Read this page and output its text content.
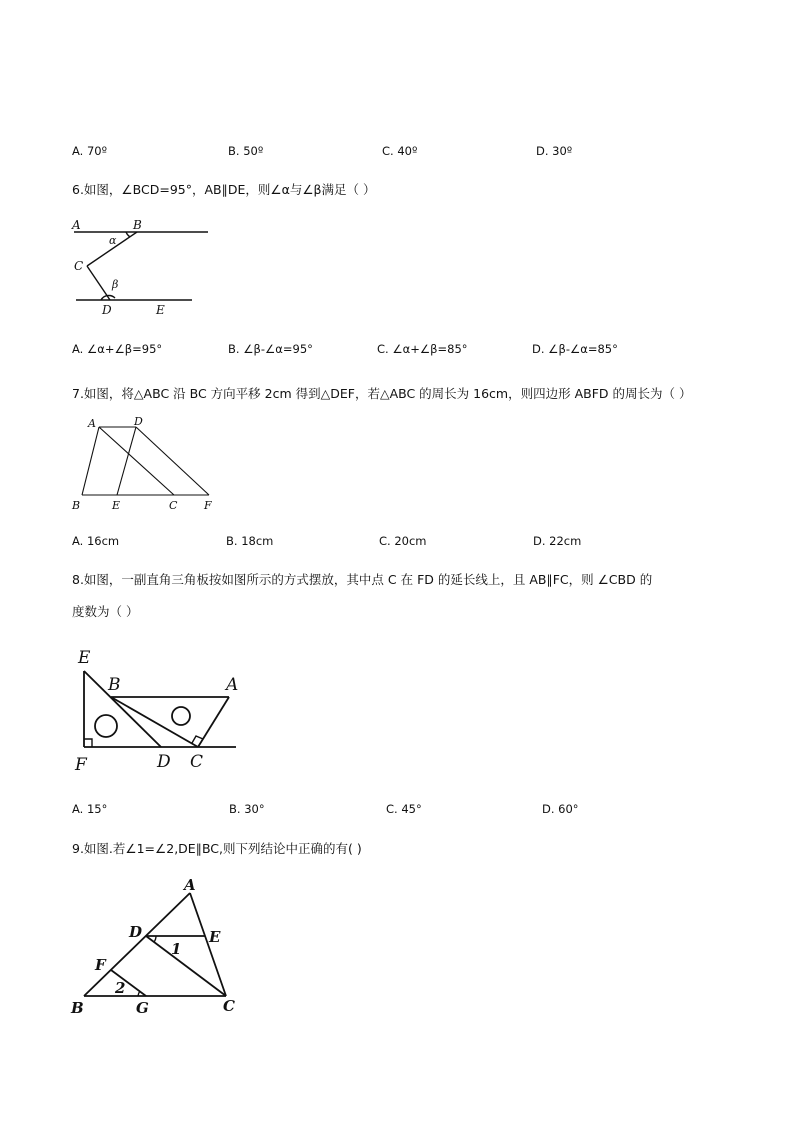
A. 70º	B. 50º	C. 40º	D. 30º
6.如图，∠BCD=95°，AB∥DE，则∠α与∠β满足（ ）
A	B
α
C
β
D	E
A. ∠α+∠β=95°	B. ∠β-∠α=95°	C. ∠α+∠β=85°	D. ∠β-∠α=85°
7.如图，将△ABC 沿 BC 方向平移 2cm 得到△DEF，若△ABC 的周长为 16cm，则四边形 ABFD 的周长为（ ）
A	D
B	E	C F
A. 16cm	B. 18cm	C. 20cm	D. 22cm
8.如图，一副直角三角板按如图所示的方式摆放，其中点 C 在 FD 的延长线上，且 AB∥FC，则 ∠CBD 的
度数为（ ）
E
B	A
F	D C
A. 15°	B. 30°	C. 45°	D. 60°
9.如图.若∠1=∠2,DE∥BC,则下列结论中正确的有( )
A
D	E
1
F
2
B	G	C
